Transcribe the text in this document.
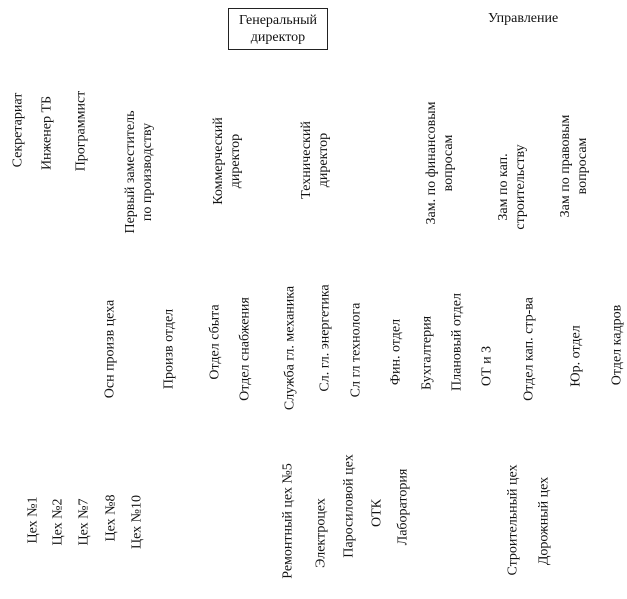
Генеральный
директор
Управление
Секретариат Инженер ТБ Программист
Первый заместитель
по производству	Коммерческий
директор	Технический
директор
Зам. по финансовым
вопросам
Зам по кап.
строительству Зам по правовым
вопросам
Осн произв цеха	Произв отдел Отдел сбыта Отдел снабжения Служба гл. механика Сл. гл. энергетика Сл гл технолога Фин. отдел Бухгалтерия Плановый отдел ОТ и З Отдел кап. стр-ва Юр. отдел Отдел кадров
Цех №1 Цех №2 Цех №7 Цех №8 Цех №10	Ремонтный цех №5 Электроцех Паросиловой цех ОТК Лаборатория	Строительный цех Дорожный цех
